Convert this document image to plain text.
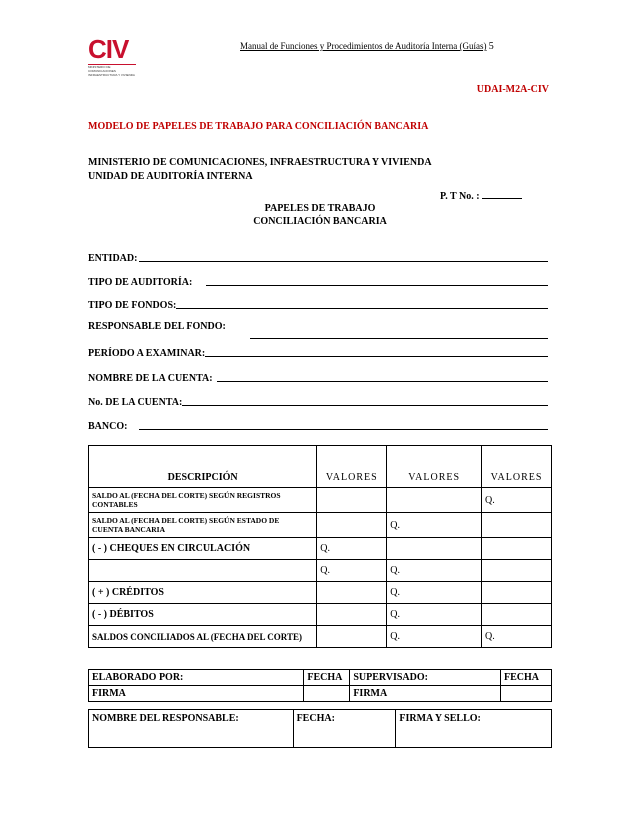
CIV
MINISTERIO DE COMUNICACIONES
INFRAESTRUCTURA Y VIVIENDA
Manual de Funciones y Procedimientos de Auditoría Interna (Guías) 5
UDAI-M2A-CIV
MODELO DE PAPELES DE TRABAJO PARA CONCILIACIÓN BANCARIA
MINISTERIO DE COMUNICACIONES, INFRAESTRUCTURA Y VIVIENDA
UNIDAD DE AUDITORÍA INTERNA
P. T No. :
PAPELES DE TRABAJO
CONCILIACIÓN BANCARIA
ENTIDAD:
TIPO DE AUDITORÍA:
TIPO DE FONDOS:
RESPONSABLE DEL FONDO:
PERÍODO A EXAMINAR:
NOMBRE DE LA CUENTA:
No. DE LA CUENTA:
BANCO:
DESCRIPCIÓN	VALORES	VALORES	VALORES

SALDO AL (FECHA DEL CORTE) SEGÚN REGISTROS
CONTABLES			Q.

SALDO AL (FECHA DEL CORTE) SEGÚN ESTADO DE
CUENTA BANCARIA		Q.	
( - ) CHEQUES EN CIRCULACIÓN	Q.		
	Q.	Q.	
( + ) CRÉDITOS		Q.	
( - ) DÉBITOS		Q.	
SALDOS CONCILIADOS AL (FECHA DEL CORTE)		Q.	Q.
ELABORADO POR:	FECHA	SUPERVISADO:	FECHA
FIRMA		FIRMA	
NOMBRE DEL RESPONSABLE:	FECHA:	FIRMA Y SELLO:
